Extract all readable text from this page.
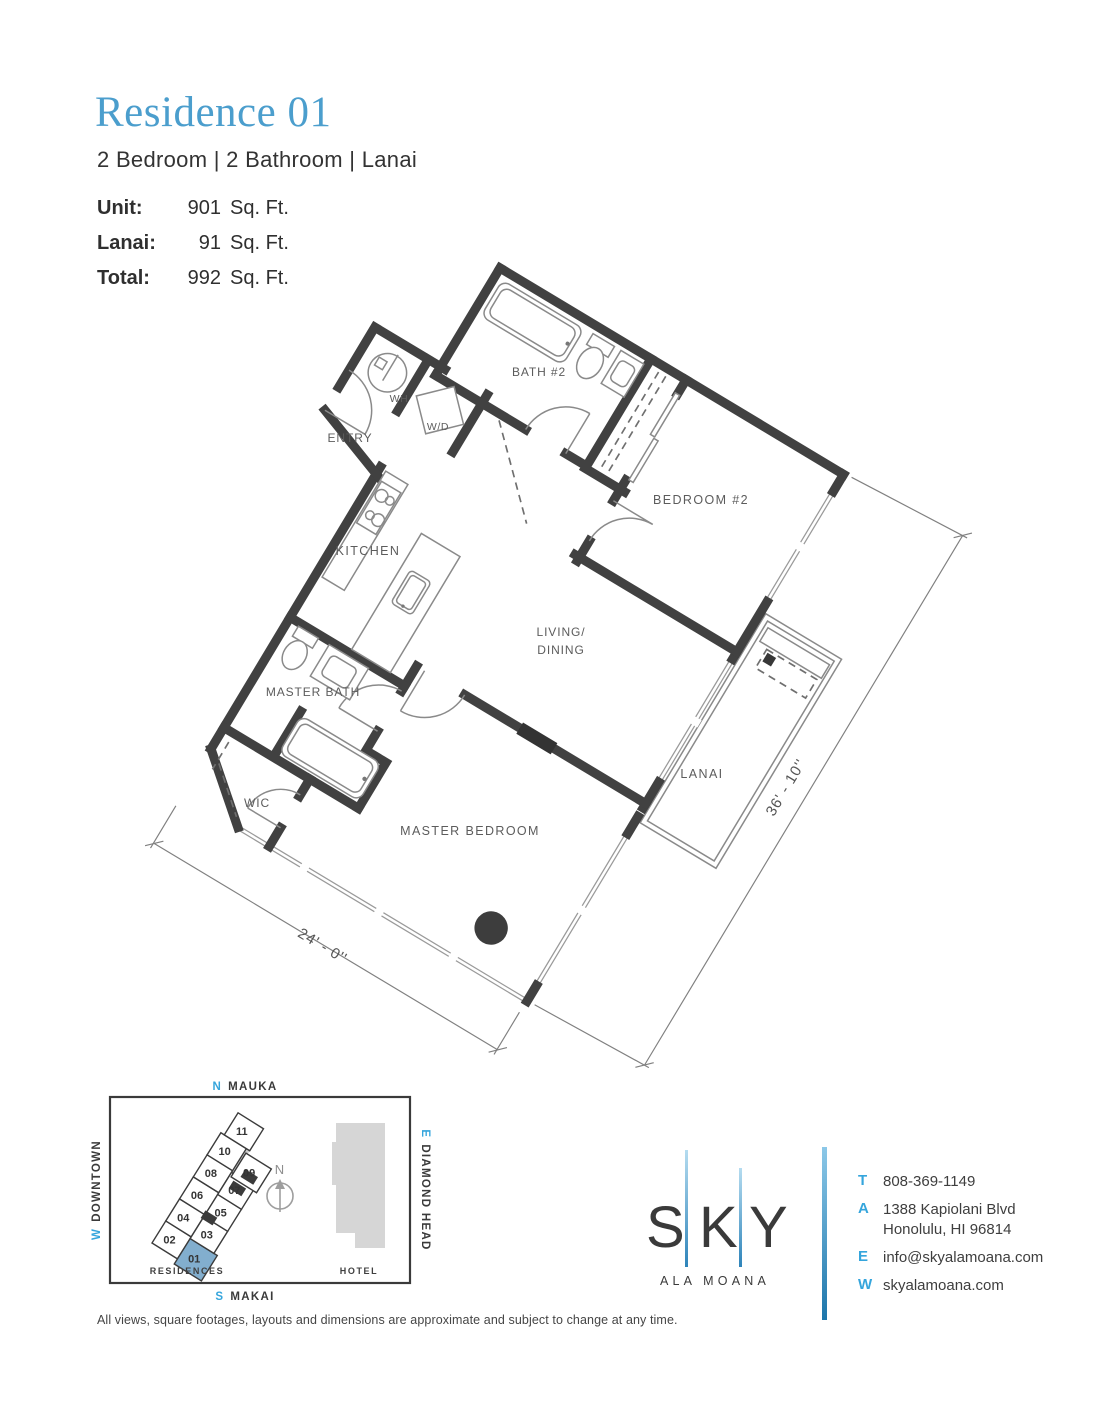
Residence 01
2 Bedroom | 2 Bathroom | Lanai
Unit:	901 Sq. Ft.
Lanai:	91 Sq. Ft.
Total:	992 Sq. Ft.
ENTRY
WH
W/D
BATH #2
BEDROOM #2
KITCHEN
LIVING/
DINING
MASTER BATH
WIC
MASTER BEDROOM
LANAI	36' - 10''
24' - 0''
02
01
04
03
06
05
08
07
10
09
11
N
N MAUKA
S MAKAI
WDOWNTOWN
EDIAMOND HEAD
RESIDENCES	HOTEL
S K Y
ALA MOANA
T	808-369-1149
A 1388 Kapiolani Blvd
Honolulu, HI 96814
E info@skyalamoana.com
W skyalamoana.com
All views, square footages, layouts and dimensions are approximate and subject to change at any time.
